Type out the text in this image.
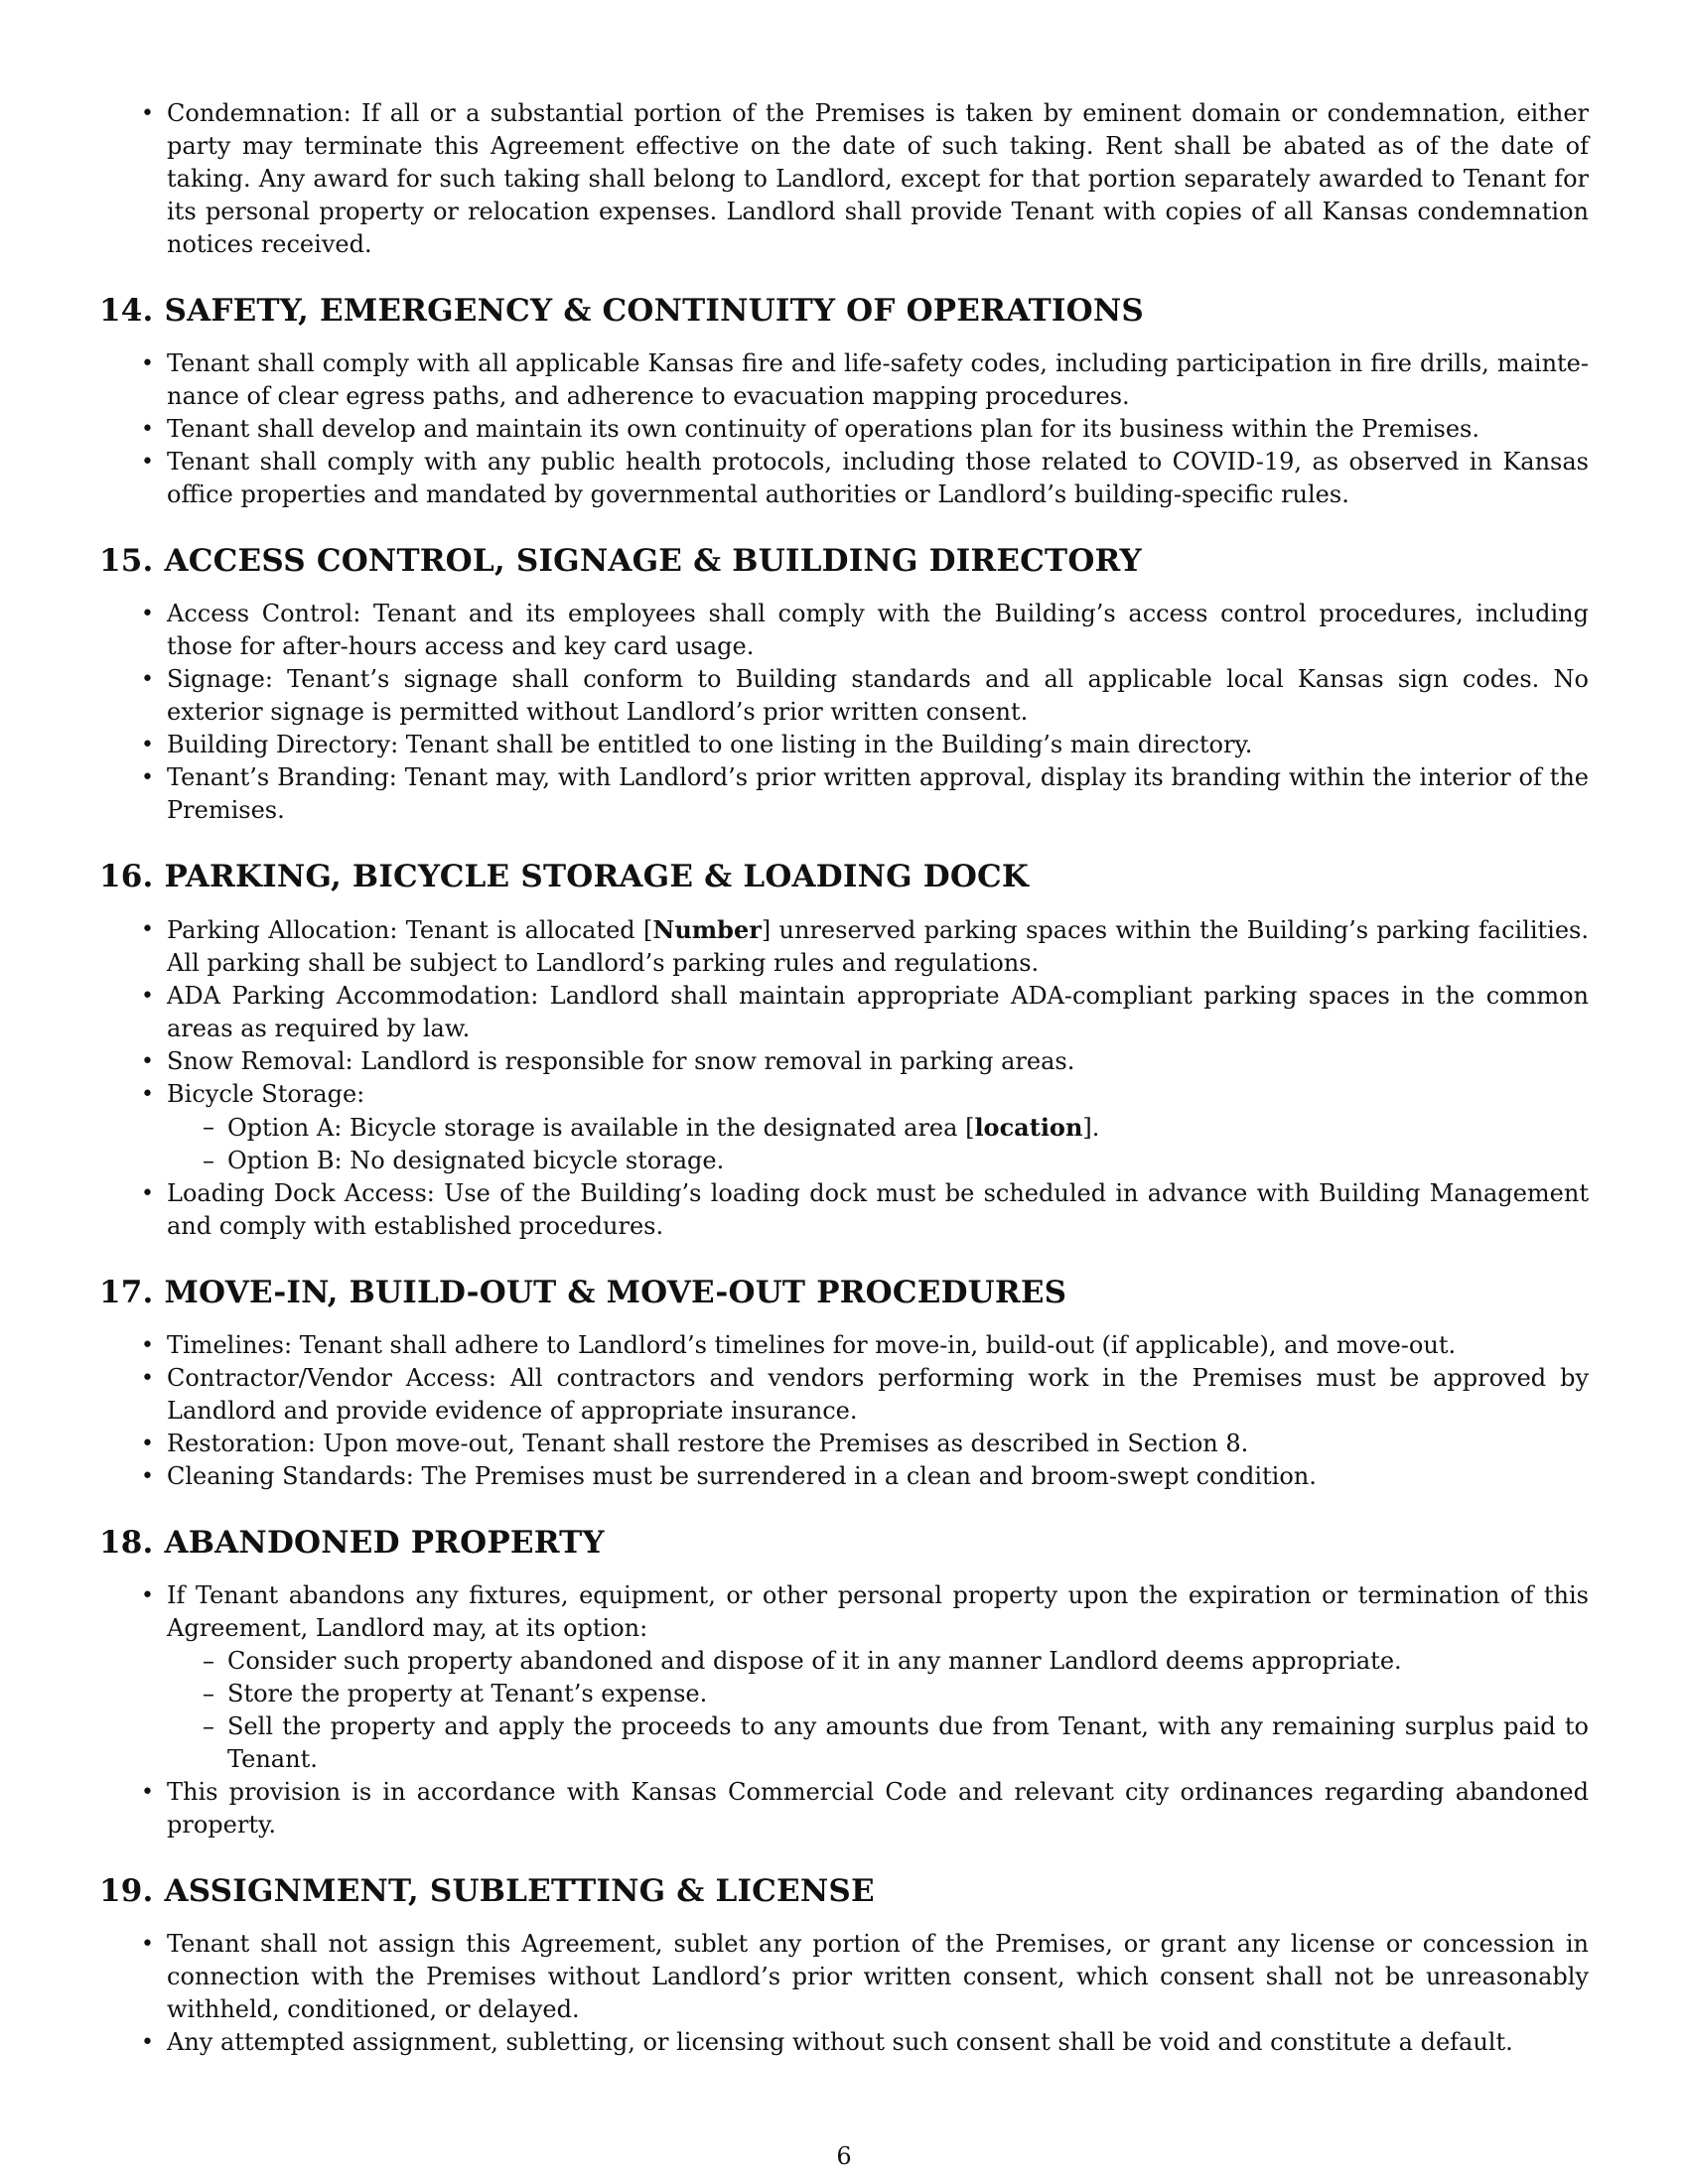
• Condemnation: If all or a substantial portion of the Premises is taken by eminent domain or condemnation, either party may terminate this Agreement effective on the date of such taking. Rent shall be abated as of the date of taking. Any award for such taking shall belong to Landlord, except for that portion separately awarded to Tenant for its personal property or relocation expenses. Landlord shall provide Tenant with copies of all Kansas condemnation notices received.
14. SAFETY, EMERGENCY & CONTINUITY OF OPERATIONS
• Tenant shall comply with all applicable Kansas fire and life-safety codes, including participation in fire drills, maintenance of clear egress paths, and adherence to evacuation mapping procedures.
• Tenant shall develop and maintain its own continuity of operations plan for its business within the Premises.
• Tenant shall comply with any public health protocols, including those related to COVID-19, as observed in Kansas office properties and mandated by governmental authorities or Landlord’s building-specific rules.
15. ACCESS CONTROL, SIGNAGE & BUILDING DIRECTORY
• Access Control: Tenant and its employees shall comply with the Building’s access control procedures, including those for after-hours access and key card usage.
• Signage: Tenant’s signage shall conform to Building standards and all applicable local Kansas sign codes. No exterior signage is permitted without Landlord’s prior written consent.
• Building Directory: Tenant shall be entitled to one listing in the Building’s main directory.
• Tenant’s Branding: Tenant may, with Landlord’s prior written approval, display its branding within the interior of the Premises.
16. PARKING, BICYCLE STORAGE & LOADING DOCK
• Parking Allocation: Tenant is allocated [Number] unreserved parking spaces within the Building’s parking facilities. All parking shall be subject to Landlord’s parking rules and regulations.
• ADA Parking Accommodation: Landlord shall maintain appropriate ADA-compliant parking spaces in the common areas as required by law.
• Snow Removal: Landlord is responsible for snow removal in parking areas.
• Bicycle Storage:
– Option A: Bicycle storage is available in the designated area [location].
– Option B: No designated bicycle storage.
• Loading Dock Access: Use of the Building’s loading dock must be scheduled in advance with Building Management and comply with established procedures.
17. MOVE-IN, BUILD-OUT & MOVE-OUT PROCEDURES
• Timelines: Tenant shall adhere to Landlord’s timelines for move-in, build-out (if applicable), and move-out.
• Contractor/Vendor Access: All contractors and vendors performing work in the Premises must be approved by Landlord and provide evidence of appropriate insurance.
• Restoration: Upon move-out, Tenant shall restore the Premises as described in Section 8.
• Cleaning Standards: The Premises must be surrendered in a clean and broom-swept condition.
18. ABANDONED PROPERTY
• If Tenant abandons any fixtures, equipment, or other personal property upon the expiration or termination of this Agreement, Landlord may, at its option:
– Consider such property abandoned and dispose of it in any manner Landlord deems appropriate.
– Store the property at Tenant’s expense.
– Sell the property and apply the proceeds to any amounts due from Tenant, with any remaining surplus paid to Tenant.
• This provision is in accordance with Kansas Commercial Code and relevant city ordinances regarding abandoned property.
19. ASSIGNMENT, SUBLETTING & LICENSE
• Tenant shall not assign this Agreement, sublet any portion of the Premises, or grant any license or concession in connection with the Premises without Landlord’s prior written consent, which consent shall not be unreasonably withheld, conditioned, or delayed.
• Any attempted assignment, subletting, or licensing without such consent shall be void and constitute a default.
6
